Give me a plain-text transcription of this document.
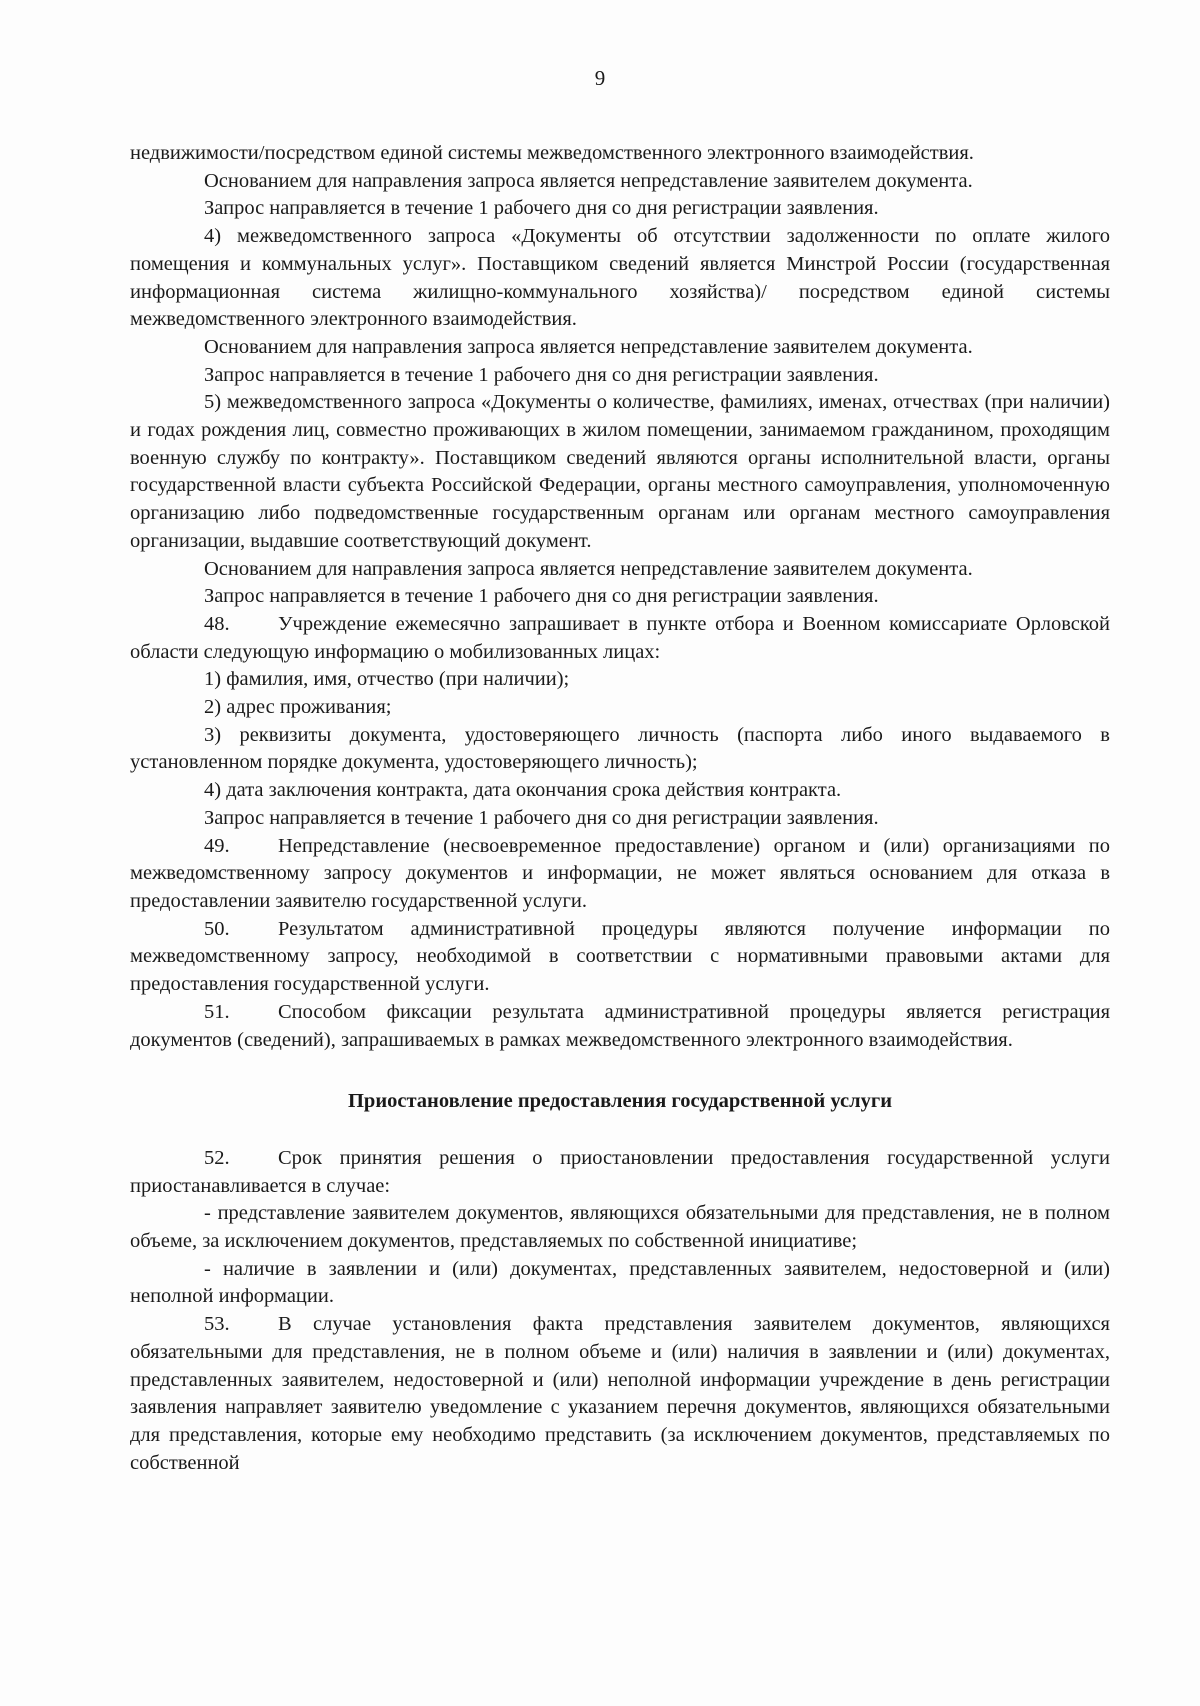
9

недвижимости/посредством единой системы межведомственного электронного взаимодействия.

Основанием для направления запроса является непредставление заявителем документа.

Запрос направляется в течение 1 рабочего дня со дня регистрации заявления.

4) межведомственного запроса «Документы об отсутствии задолженности по оплате жилого помещения и коммунальных услуг». Поставщиком сведений является Минстрой России (государственная информационная система жилищно-коммунального хозяйства)/ посредством единой системы межведомственного электронного взаимодействия.

Основанием для направления запроса является непредставление заявителем документа.

Запрос направляется в течение 1 рабочего дня со дня регистрации заявления.

5) межведомственного запроса «Документы о количестве, фамилиях, именах, отчествах (при наличии) и годах рождения лиц, совместно проживающих в жилом помещении, занимаемом гражданином, проходящим военную службу по контракту». Поставщиком сведений являются органы исполнительной власти, органы государственной власти субъекта Российской Федерации, органы местного самоуправления, уполномоченную организацию либо подведомственные государственным органам или органам местного самоуправления организации, выдавшие соответствующий документ.

Основанием для направления запроса является непредставление заявителем документа.

Запрос направляется в течение 1 рабочего дня со дня регистрации заявления.

48. Учреждение ежемесячно запрашивает в пункте отбора и Военном комиссариате Орловской области следующую информацию о мобилизованных лицах:

1) фамилия, имя, отчество (при наличии);

2) адрес проживания;

3) реквизиты документа, удостоверяющего личность (паспорта либо иного выдаваемого в установленном порядке документа, удостоверяющего личность);

4) дата заключения контракта, дата окончания срока действия контракта.

Запрос направляется в течение 1 рабочего дня со дня регистрации заявления.

49. Непредставление (несвоевременное предоставление) органом и (или) организациями по межведомственному запросу документов и информации, не может являться основанием для отказа в предоставлении заявителю государственной услуги.

50. Результатом административной процедуры являются получение информации по межведомственному запросу, необходимой в соответствии с нормативными правовыми актами для предоставления государственной услуги.

51. Способом фиксации результата административной процедуры является регистрация документов (сведений), запрашиваемых в рамках межведомственного электронного взаимодействия.

Приостановление предоставления государственной услуги

52. Срок принятия решения о приостановлении предоставления государственной услуги приостанавливается в случае:

- представление заявителем документов, являющихся обязательными для представления, не в полном объеме, за исключением документов, представляемых по собственной инициативе;

- наличие в заявлении и (или) документах, представленных заявителем, недостоверной и (или) неполной информации.

53. В случае установления факта представления заявителем документов, являющихся обязательными для представления, не в полном объеме и (или) наличия в заявлении и (или) документах, представленных заявителем, недостоверной и (или) неполной информации учреждение в день регистрации заявления направляет заявителю уведомление с указанием перечня документов, являющихся обязательными для представления, которые ему необходимо представить (за исключением документов, представляемых по собственной
